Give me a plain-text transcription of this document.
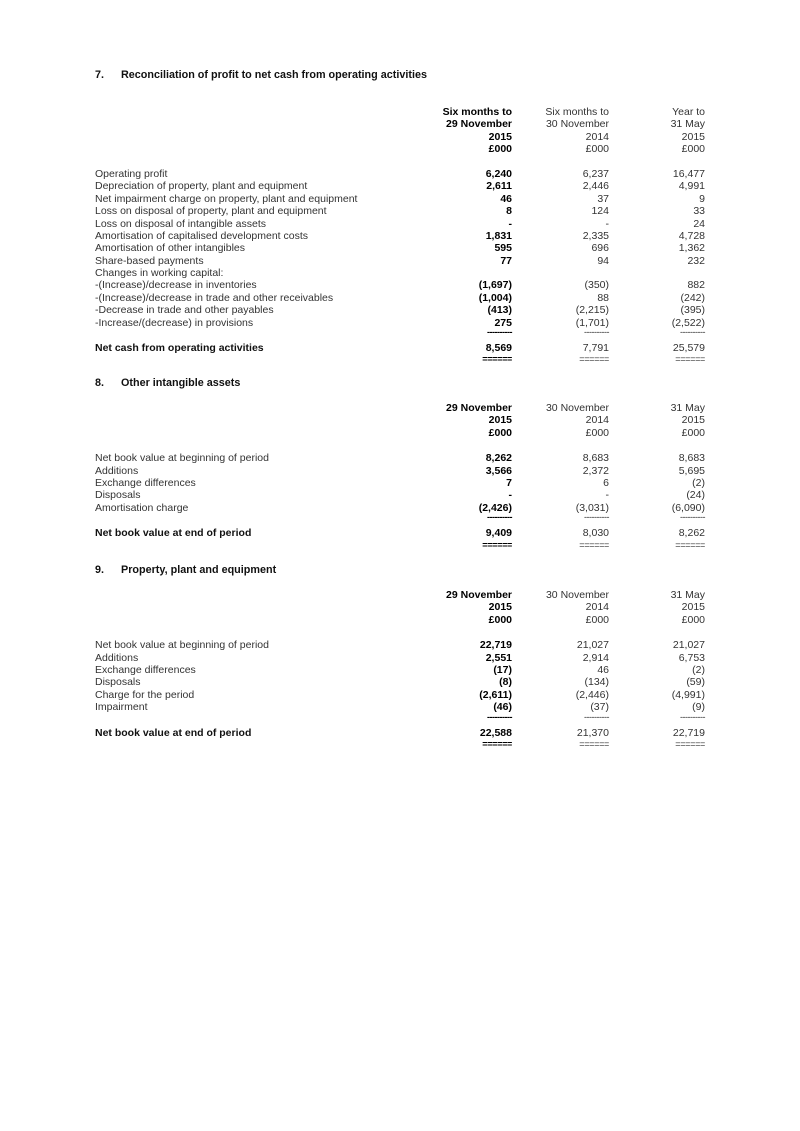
7. Reconciliation of profit to net cash from operating activities
Six months to	Six months to	Year to
29 November	30 November	31 May
2015	2014	2015
£000	£000	£000
Operating profit	6,240	6,237	16,477
Depreciation of property, plant and equipment	2,611	2,446	4,991
Net impairment charge on property, plant and equipment	46	37	9
Loss on disposal of property, plant and equipment	8	124	33
Loss on disposal of intangible assets	-	-	24
Amortisation of capitalised development costs	1,831	2,335	4,728
Amortisation of other intangibles	595	696	1,362
Share-based payments	77	94	232
Changes in working capital:
-(Increase)/decrease in inventories	(1,697)	(350)	882
-(Increase)/decrease in trade and other receivables	(1,004)	88	(242)
-Decrease in trade and other payables	(413)	(2,215)	(395)
-Increase/(decrease) in provisions	275	(1,701)	(2,522)
----------	----------	----------
Net cash from operating activities	8,569	7,791	25,579
======	======	======
8. Other intangible assets
29 November	30 November	31 May
2015	2014	2015
£000	£000	£000
Net book value at beginning of period	8,262	8,683	8,683
Additions	3,566	2,372	5,695
Exchange differences	7	6	(2)
Disposals	-	-	(24)
Amortisation charge	(2,426)	(3,031)	(6,090)
----------	----------	----------
Net book value at end of period	9,409	8,030	8,262
======	======	======
9. Property, plant and equipment
29 November	30 November	31 May
2015	2014	2015
£000	£000	£000
Net book value at beginning of period	22,719	21,027	21,027
Additions	2,551	2,914	6,753
Exchange differences	(17)	46	(2)
Disposals	(8)	(134)	(59)
Charge for the period	(2,611)	(2,446)	(4,991)
Impairment	(46)	(37)	(9)
----------	----------	----------
Net book value at end of period	22,588	21,370	22,719
======	======	======
